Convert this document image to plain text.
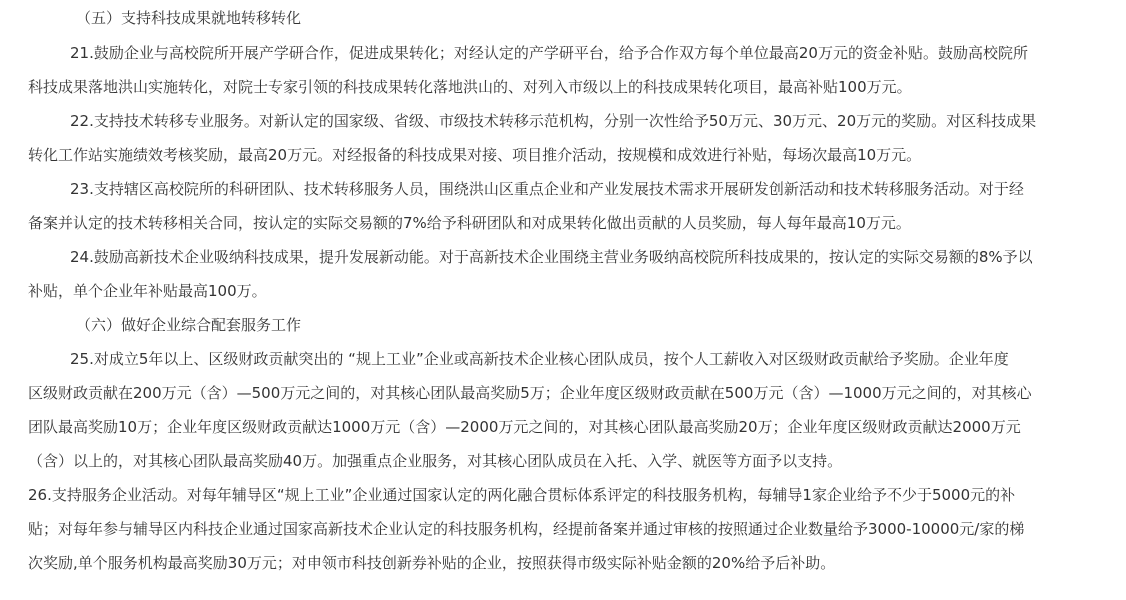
（五）支持科技成果就地转移转化
21.鼓励企业与高校院所开展产学研合作，促进成果转化；对经认定的产学研平台，给予合作双方每个单位最高20万元的资金补贴。鼓励高校院所
科技成果落地洪山实施转化，对院士专家引领的科技成果转化落地洪山的、对列入市级以上的科技成果转化项目，最高补贴100万元。
22.支持技术转移专业服务。对新认定的国家级、省级、市级技术转移示范机构，分别一次性给予50万元、30万元、20万元的奖励。对区科技成果
转化工作站实施绩效考核奖励，最高20万元。对经报备的科技成果对接、项目推介活动，按规模和成效进行补贴，每场次最高10万元。
23.支持辖区高校院所的科研团队、技术转移服务人员，围绕洪山区重点企业和产业发展技术需求开展研发创新活动和技术转移服务活动。对于经
备案并认定的技术转移相关合同，按认定的实际交易额的7%给予科研团队和对成果转化做出贡献的人员奖励，每人每年最高10万元。
24.鼓励高新技术企业吸纳科技成果，提升发展新动能。对于高新技术企业围绕主营业务吸纳高校院所科技成果的，按认定的实际交易额的8%予以
补贴，单个企业年补贴最高100万。
（六）做好企业综合配套服务工作
25.对成立5年以上、区级财政贡献突出的 “规上工业”企业或高新技术企业核心团队成员，按个人工薪收入对区级财政贡献给予奖励。企业年度
区级财政贡献在200万元（含）—500万元之间的，对其核心团队最高奖励5万；企业年度区级财政贡献在500万元（含）—1000万元之间的，对其核心
团队最高奖励10万；企业年度区级财政贡献达1000万元（含）—2000万元之间的，对其核心团队最高奖励20万；企业年度区级财政贡献达2000万元
（含）以上的，对其核心团队最高奖励40万。加强重点企业服务，对其核心团队成员在入托、入学、就医等方面予以支持。
26.支持服务企业活动。对每年辅导区“规上工业”企业通过国家认定的两化融合贯标体系评定的科技服务机构，每辅导1家企业给予不少于5000元的补
贴；对每年参与辅导区内科技企业通过国家高新技术企业认定的科技服务机构，经提前备案并通过审核的按照通过企业数量给予3000-10000元/家的梯
次奖励,单个服务机构最高奖励30万元；对申领市科技创新券补贴的企业，按照获得市级实际补贴金额的20%给予后补助。
